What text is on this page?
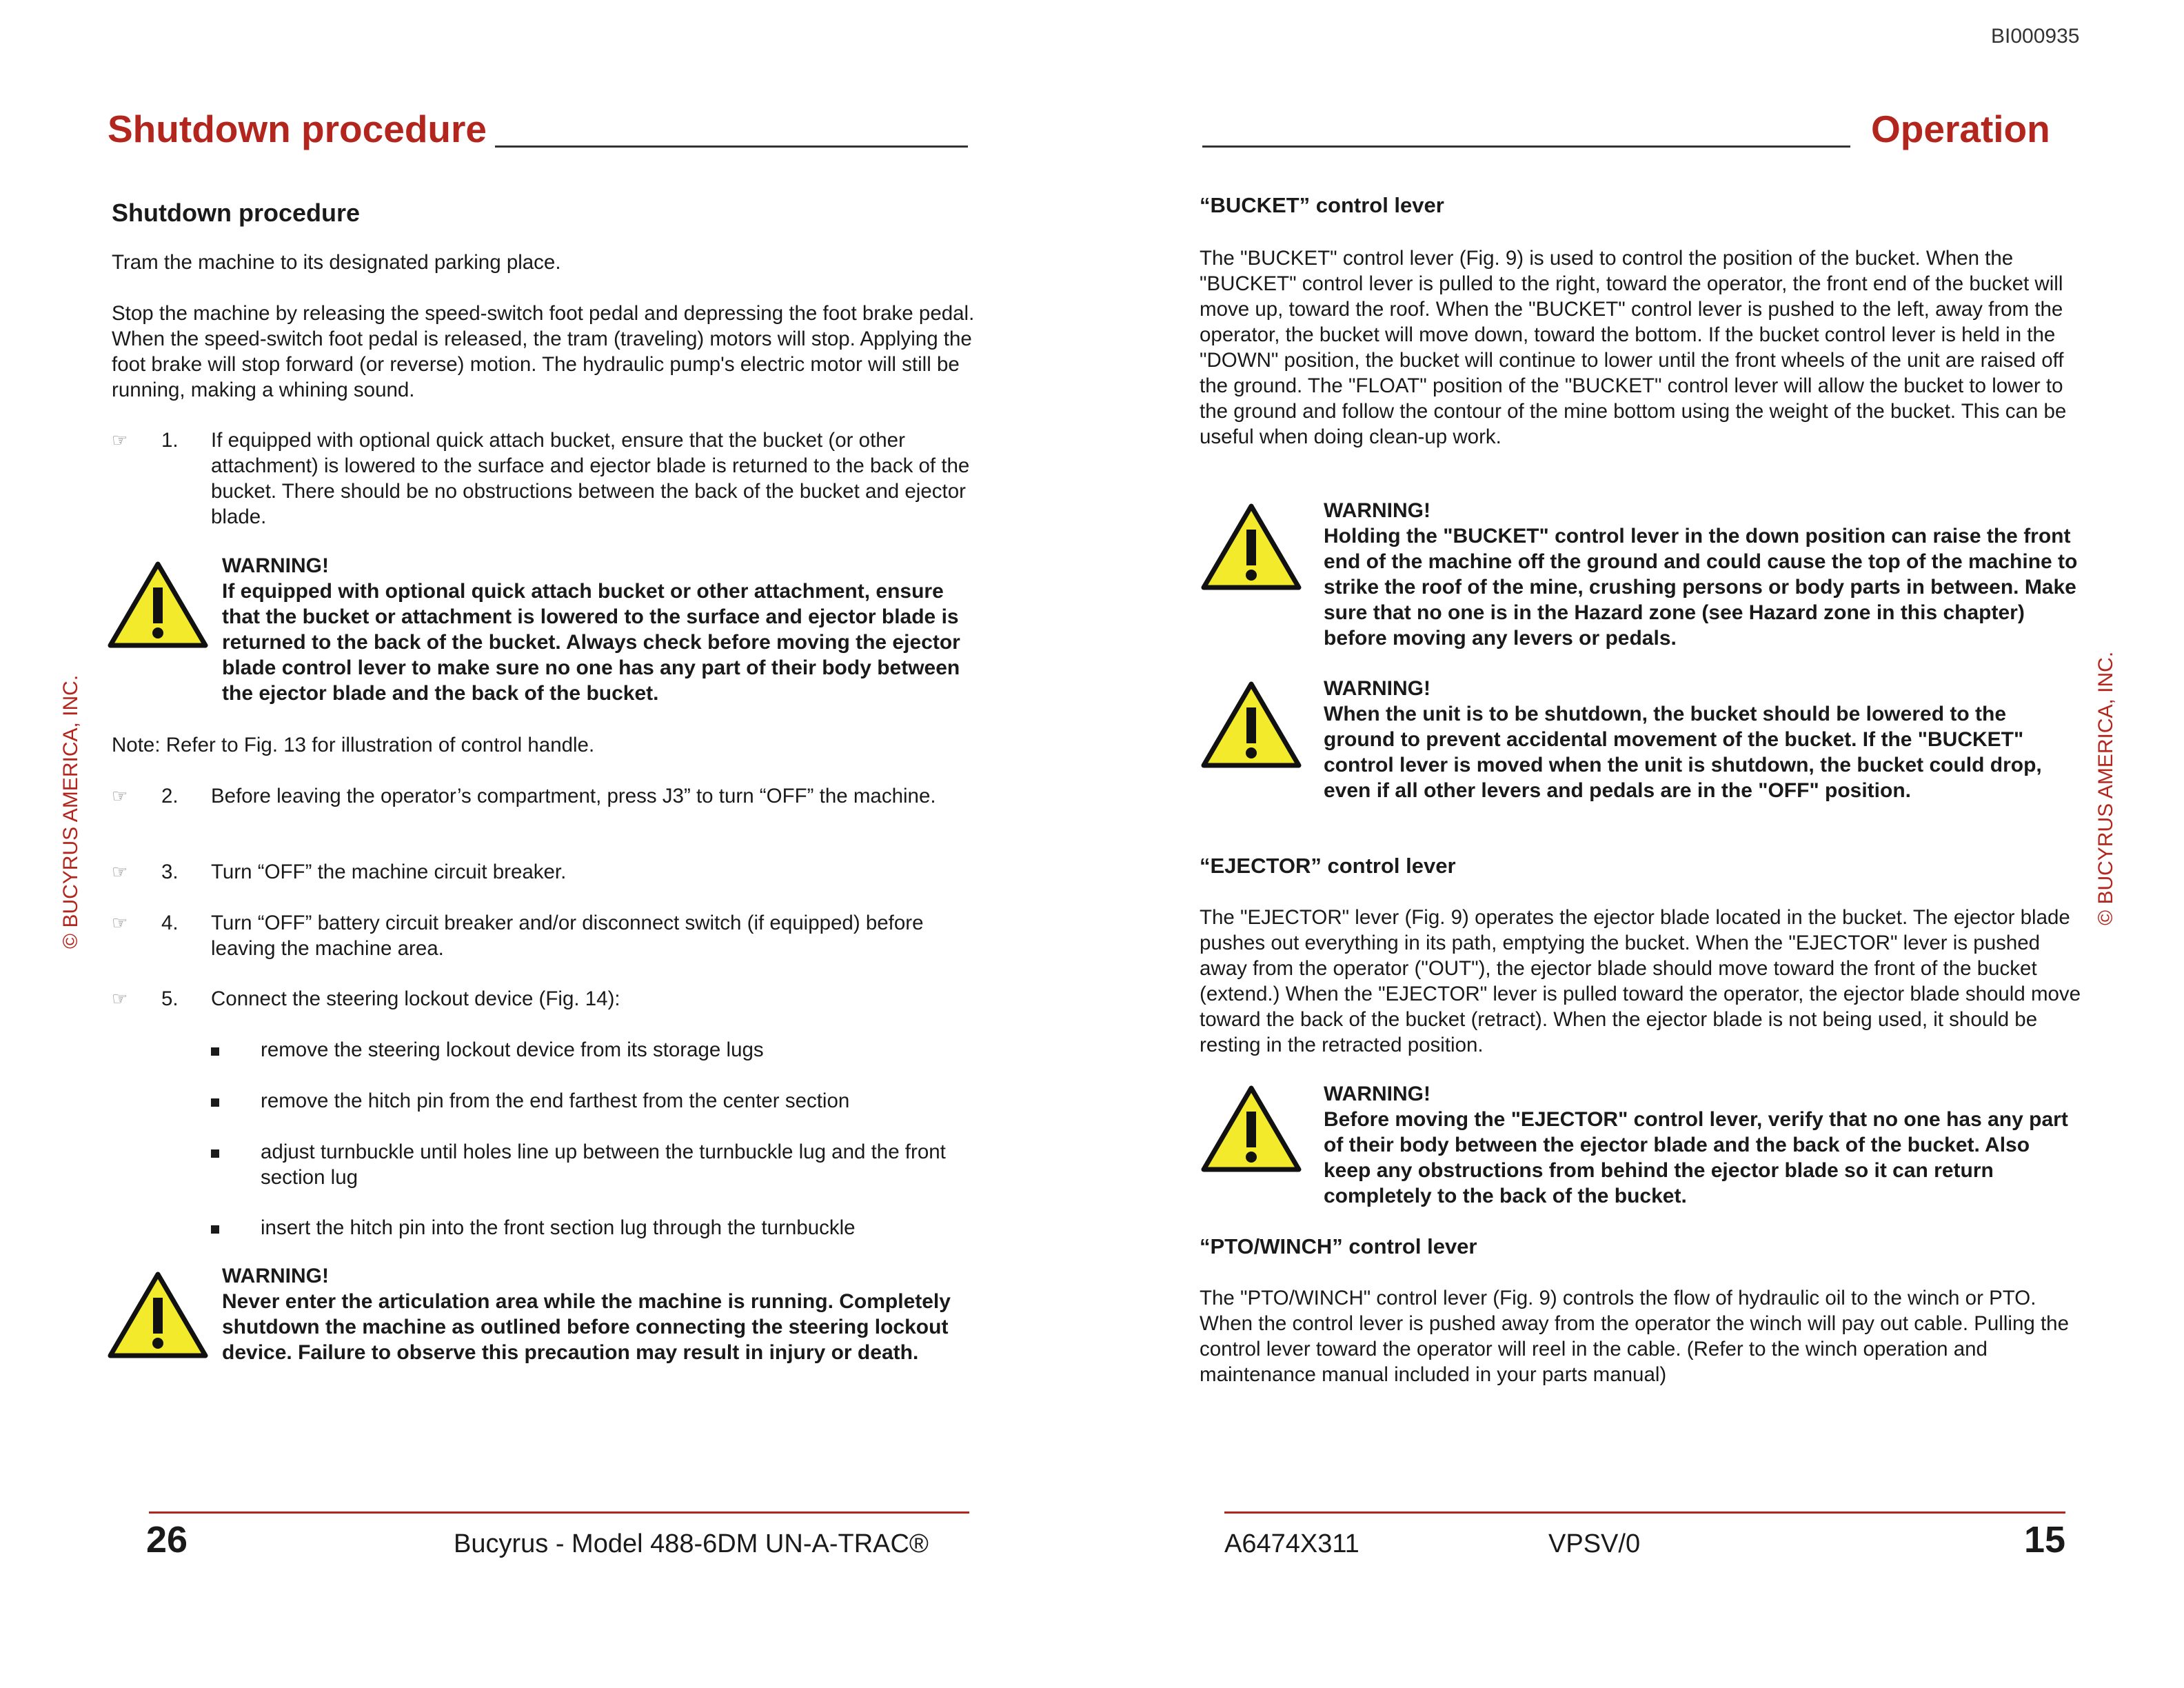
BI000935
Shutdown procedure	Operation
© BUCYRUS AMERICA, INC.	© BUCYRUS AMERICA, INC.
Shutdown procedure

Tram the machine to its designated parking place.

Stop the machine by releasing the speed-switch foot pedal and depressing the foot brake pedal. When the speed-switch foot pedal is released, the tram (traveling) motors will stop. Applying the foot brake will stop forward (or reverse) motion. The hydraulic pump's electric motor will still be running, making a whining sound.

☞ 1. If equipped with optional quick attach bucket, ensure that the bucket (or other attachment) is lowered to the surface and ejector blade is returned to the back of the bucket. There should be no obstructions between the back of the bucket and ejector blade.
WARNING!
If equipped with optional quick attach bucket or other attachment, ensure that the bucket or attachment is lowered to the surface and ejector blade is returned to the back of the bucket. Always check before moving the ejector blade control lever to make sure no one has any part of their body between the ejector blade and the back of the bucket.

Note: Refer to Fig. 13 for illustration of control handle.

☞ 2. Before leaving the operator’s compartment, press J3” to turn “OFF” the machine.
☞ 3. Turn “OFF” the machine circuit breaker.
☞ 4. Turn “OFF” battery circuit breaker and/or disconnect switch (if equipped) before leaving the machine area.
☞ 5. Connect the steering lockout device (Fig. 14):
remove the steering lockout device from its storage lugs
remove the hitch pin from the end farthest from the center section
adjust turnbuckle until holes line up between the turnbuckle lug and the front section lug
insert the hitch pin into the front section lug through the turnbuckle
WARNING!
Never enter the articulation area while the machine is running. Completely shutdown the machine as outlined before connecting the steering lockout device. Failure to observe this precaution may result in injury or death.
“BUCKET” control lever

The "BUCKET" control lever (Fig. 9) is used to control the position of the bucket. When the "BUCKET" control lever is pulled to the right, toward the operator, the front end of the bucket will move up, toward the roof. When the "BUCKET" control lever is pushed to the left, away from the operator, the bucket will move down, toward the bottom. If the bucket control lever is held in the "DOWN" position, the bucket will continue to lower until the front wheels of the unit are raised off the ground. The "FLOAT" position of the "BUCKET" control lever will allow the bucket to lower to the ground and follow the contour of the mine bottom using the weight of the bucket. This can be useful when doing clean-up work.

WARNING!
Holding the "BUCKET" control lever in the down position can raise the front end of the machine off the ground and could cause the top of the machine to strike the roof of the mine, crushing persons or body parts in between. Make sure that no one is in the Hazard zone (see Hazard zone in this chapter) before moving any levers or pedals.
WARNING!
When the unit is to be shutdown, the bucket should be lowered to the ground to prevent accidental movement of the bucket. If the "BUCKET" control lever is moved when the unit is shutdown, the bucket could drop, even if all other levers and pedals are in the "OFF" position.
“EJECTOR” control lever

The "EJECTOR" lever (Fig. 9) operates the ejector blade located in the bucket. The ejector blade pushes out everything in its path, emptying the bucket. When the "EJECTOR" lever is pushed away from the operator ("OUT"), the ejector blade should move toward the front of the bucket (extend.) When the "EJECTOR" lever is pulled toward the operator, the ejector blade should move toward the back of the bucket (retract). When the ejector blade is not being used, it should be resting in the retracted position.

WARNING!
Before moving the "EJECTOR" control lever, verify that no one has any part of their body between the ejector blade and the back of the bucket. Also keep any obstructions from behind the ejector blade so it can return completely to the back of the bucket.
“PTO/WINCH” control lever

The "PTO/WINCH" control lever (Fig. 9) controls the flow of hydraulic oil to the winch or PTO. When the control lever is pushed away from the operator the winch will pay out cable. Pulling the control lever toward the operator will reel in the cable. (Refer to the winch operation and maintenance manual included in your parts manual)

26	Bucyrus - Model 488-6DM UN-A-TRAC®	A6474X311	VPSV/0	15
